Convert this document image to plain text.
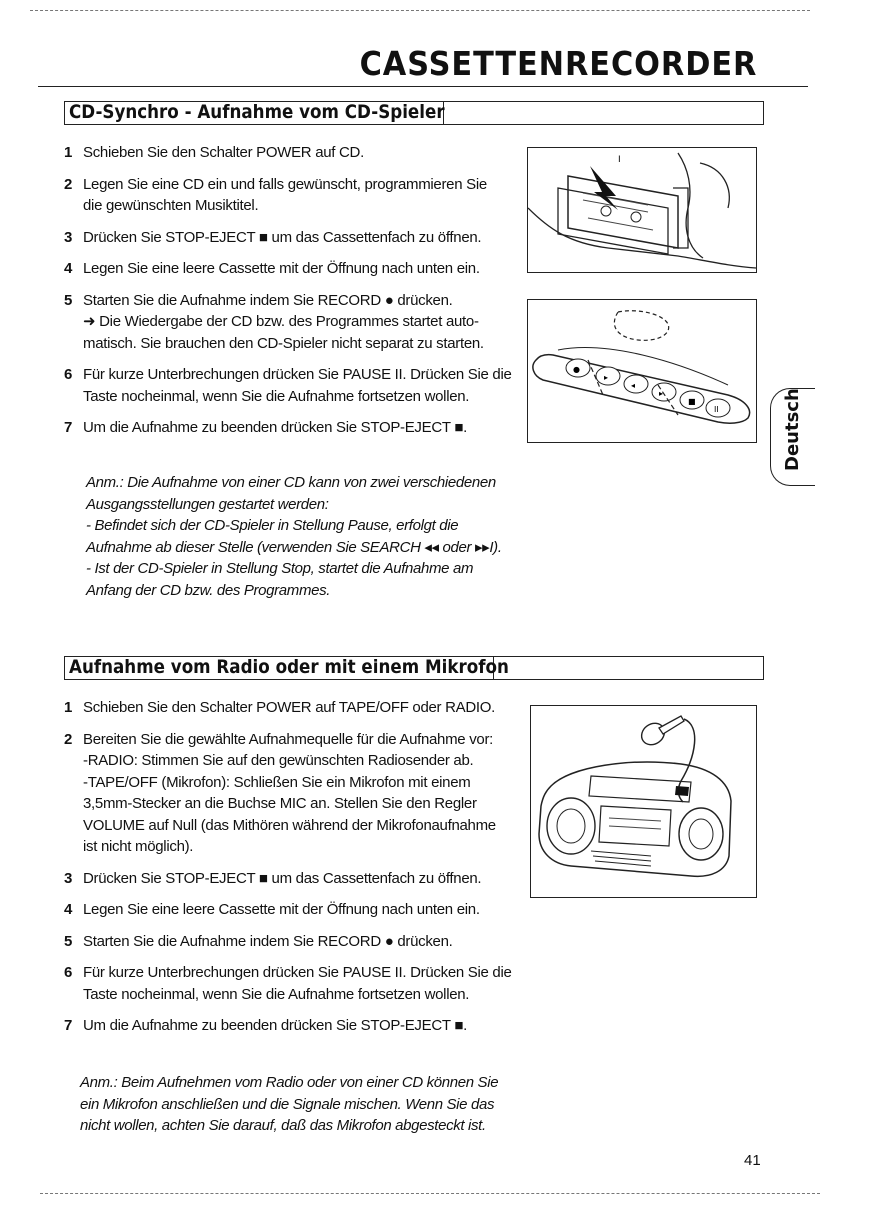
CASSETTENRECORDER
CD-Synchro - Aufnahme vom CD-Spieler
1 Schieben Sie den Schalter POWER auf CD.
2 Legen Sie eine CD ein und falls gewünscht, programmieren Sie
die gewünschten Musiktitel.
3 Drücken Sie STOP-EJECT ■ um das Cassettenfach zu öffnen.
4 Legen Sie eine leere Cassette mit der Öffnung nach unten ein.
5 Starten Sie die Aufnahme indem Sie RECORD ● drücken.
➜ Die Wiedergabe der CD bzw. des Programmes startet auto-
matisch. Sie brauchen den CD-Spieler nicht separat zu starten.
6 Für kurze Unterbrechungen drücken Sie PAUSE II. Drücken Sie die
Taste nocheinmal, wenn Sie die Aufnahme fortsetzen wollen.
7 Um die Aufnahme zu beenden drücken Sie STOP-EJECT ■.
Anm.: Die Aufnahme von einer CD kann von zwei verschiedenen
Ausgangsstellungen gestartet werden:
- Befindet sich der CD-Spieler in Stellung Pause, erfolgt die
Aufnahme ab dieser Stelle (verwenden Sie SEARCH ◂◂ oder ▸▸I).
- Ist der CD-Spieler in Stellung Stop, startet die Aufnahme am
Anfang der CD bzw. des Programmes.
I
●
▸
◂
▸
■
II	Deutsch
Aufnahme vom Radio oder mit einem Mikrofon
1 Schieben Sie den Schalter POWER auf TAPE/OFF oder RADIO.
2 Bereiten Sie die gewählte Aufnahmequelle für die Aufnahme vor:
-RADIO: Stimmen Sie auf den gewünschten Radiosender ab.
-TAPE/OFF (Mikrofon): Schließen Sie ein Mikrofon mit einem
3,5mm-Stecker an die Buchse MIC an. Stellen Sie den Regler
VOLUME auf Null (das Mithören während der Mikrofonaufnahme
ist nicht möglich).
3 Drücken Sie STOP-EJECT ■ um das Cassettenfach zu öffnen.
4 Legen Sie eine leere Cassette mit der Öffnung nach unten ein.
5 Starten Sie die Aufnahme indem Sie RECORD ● drücken.
6 Für kurze Unterbrechungen drücken Sie PAUSE II. Drücken Sie die
Taste nocheinmal, wenn Sie die Aufnahme fortsetzen wollen.
7 Um die Aufnahme zu beenden drücken Sie STOP-EJECT ■.
Anm.: Beim Aufnehmen vom Radio oder von einer CD können Sie
ein Mikrofon anschließen und die Signale mischen. Wenn Sie das
nicht wollen, achten Sie darauf, daß das Mikrofon abgesteckt ist.
41
